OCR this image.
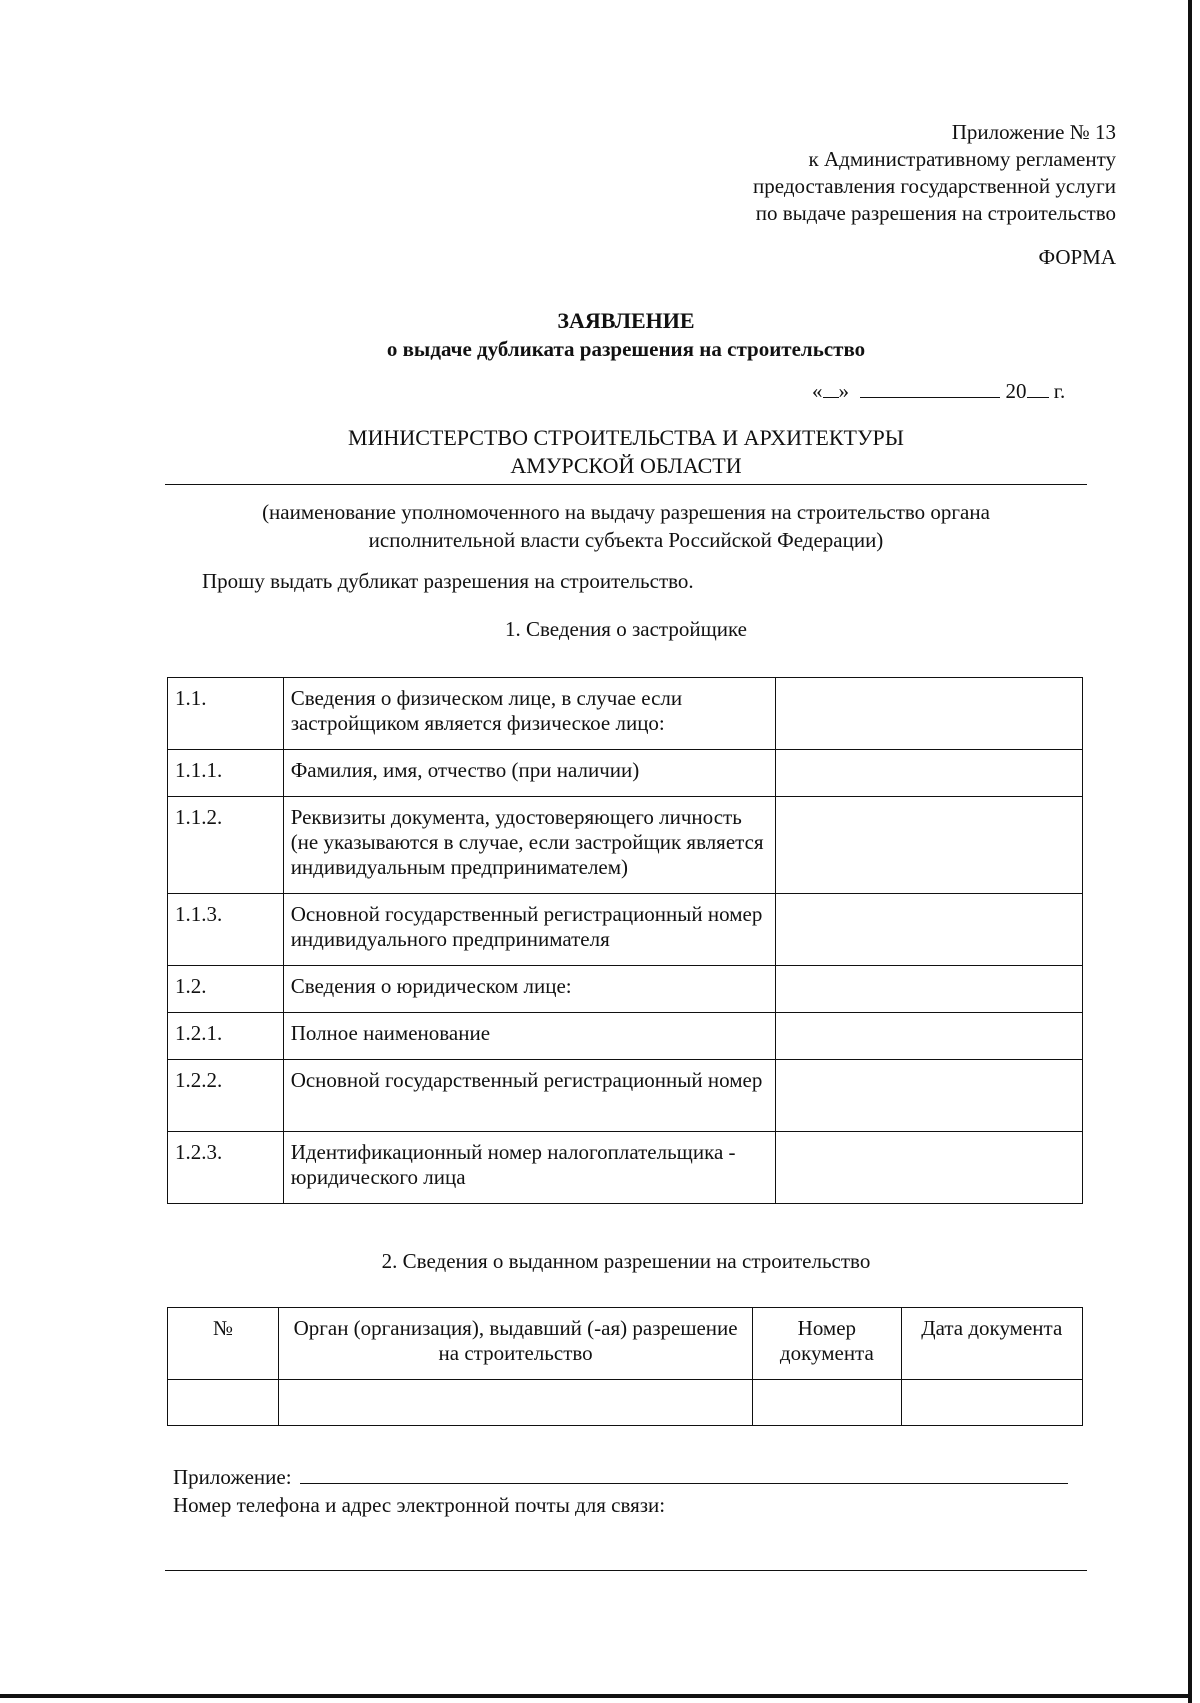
Приложение № 13
к Административному регламенту
предоставления государственной услуги
по выдаче разрешения на строительство
ФОРМА
ЗАЯВЛЕНИЕ
о выдаче дубликата разрешения на строительство
« »	20 г.
МИНИСТЕРСТВО СТРОИТЕЛЬСТВА И АРХИТЕКТУРЫ
АМУРСКОЙ ОБЛАСТИ
(наименование уполномоченного на выдачу разрешения на строительство органа
исполнительной власти субъекта Российской Федерации)
Прошу выдать дубликат разрешения на строительство.
1. Сведения о застройщике
1.1.	Сведения о физическом лице, в случае если застройщиком является физическое лицо:	
1.1.1.	Фамилия, имя, отчество (при наличии)	
1.1.2.	Реквизиты документа, удостоверяющего личность (не указываются в случае, если застройщик является индивидуальным предпринимателем)	
1.1.3.	Основной государственный регистрационный номер индивидуального предпринимателя	
1.2.	Сведения о юридическом лице:	
1.2.1.	Полное наименование	
1.2.2.	Основной государственный регистрационный номер	
1.2.3.	Идентификационный номер налогоплательщика - юридического лица	
2. Сведения о выданном разрешении на строительство
№	Орган (организация), выдавший (-ая) разрешение на строительство	Номер документа	Дата документа

Приложение:
Номер телефона и адрес электронной почты для связи:
